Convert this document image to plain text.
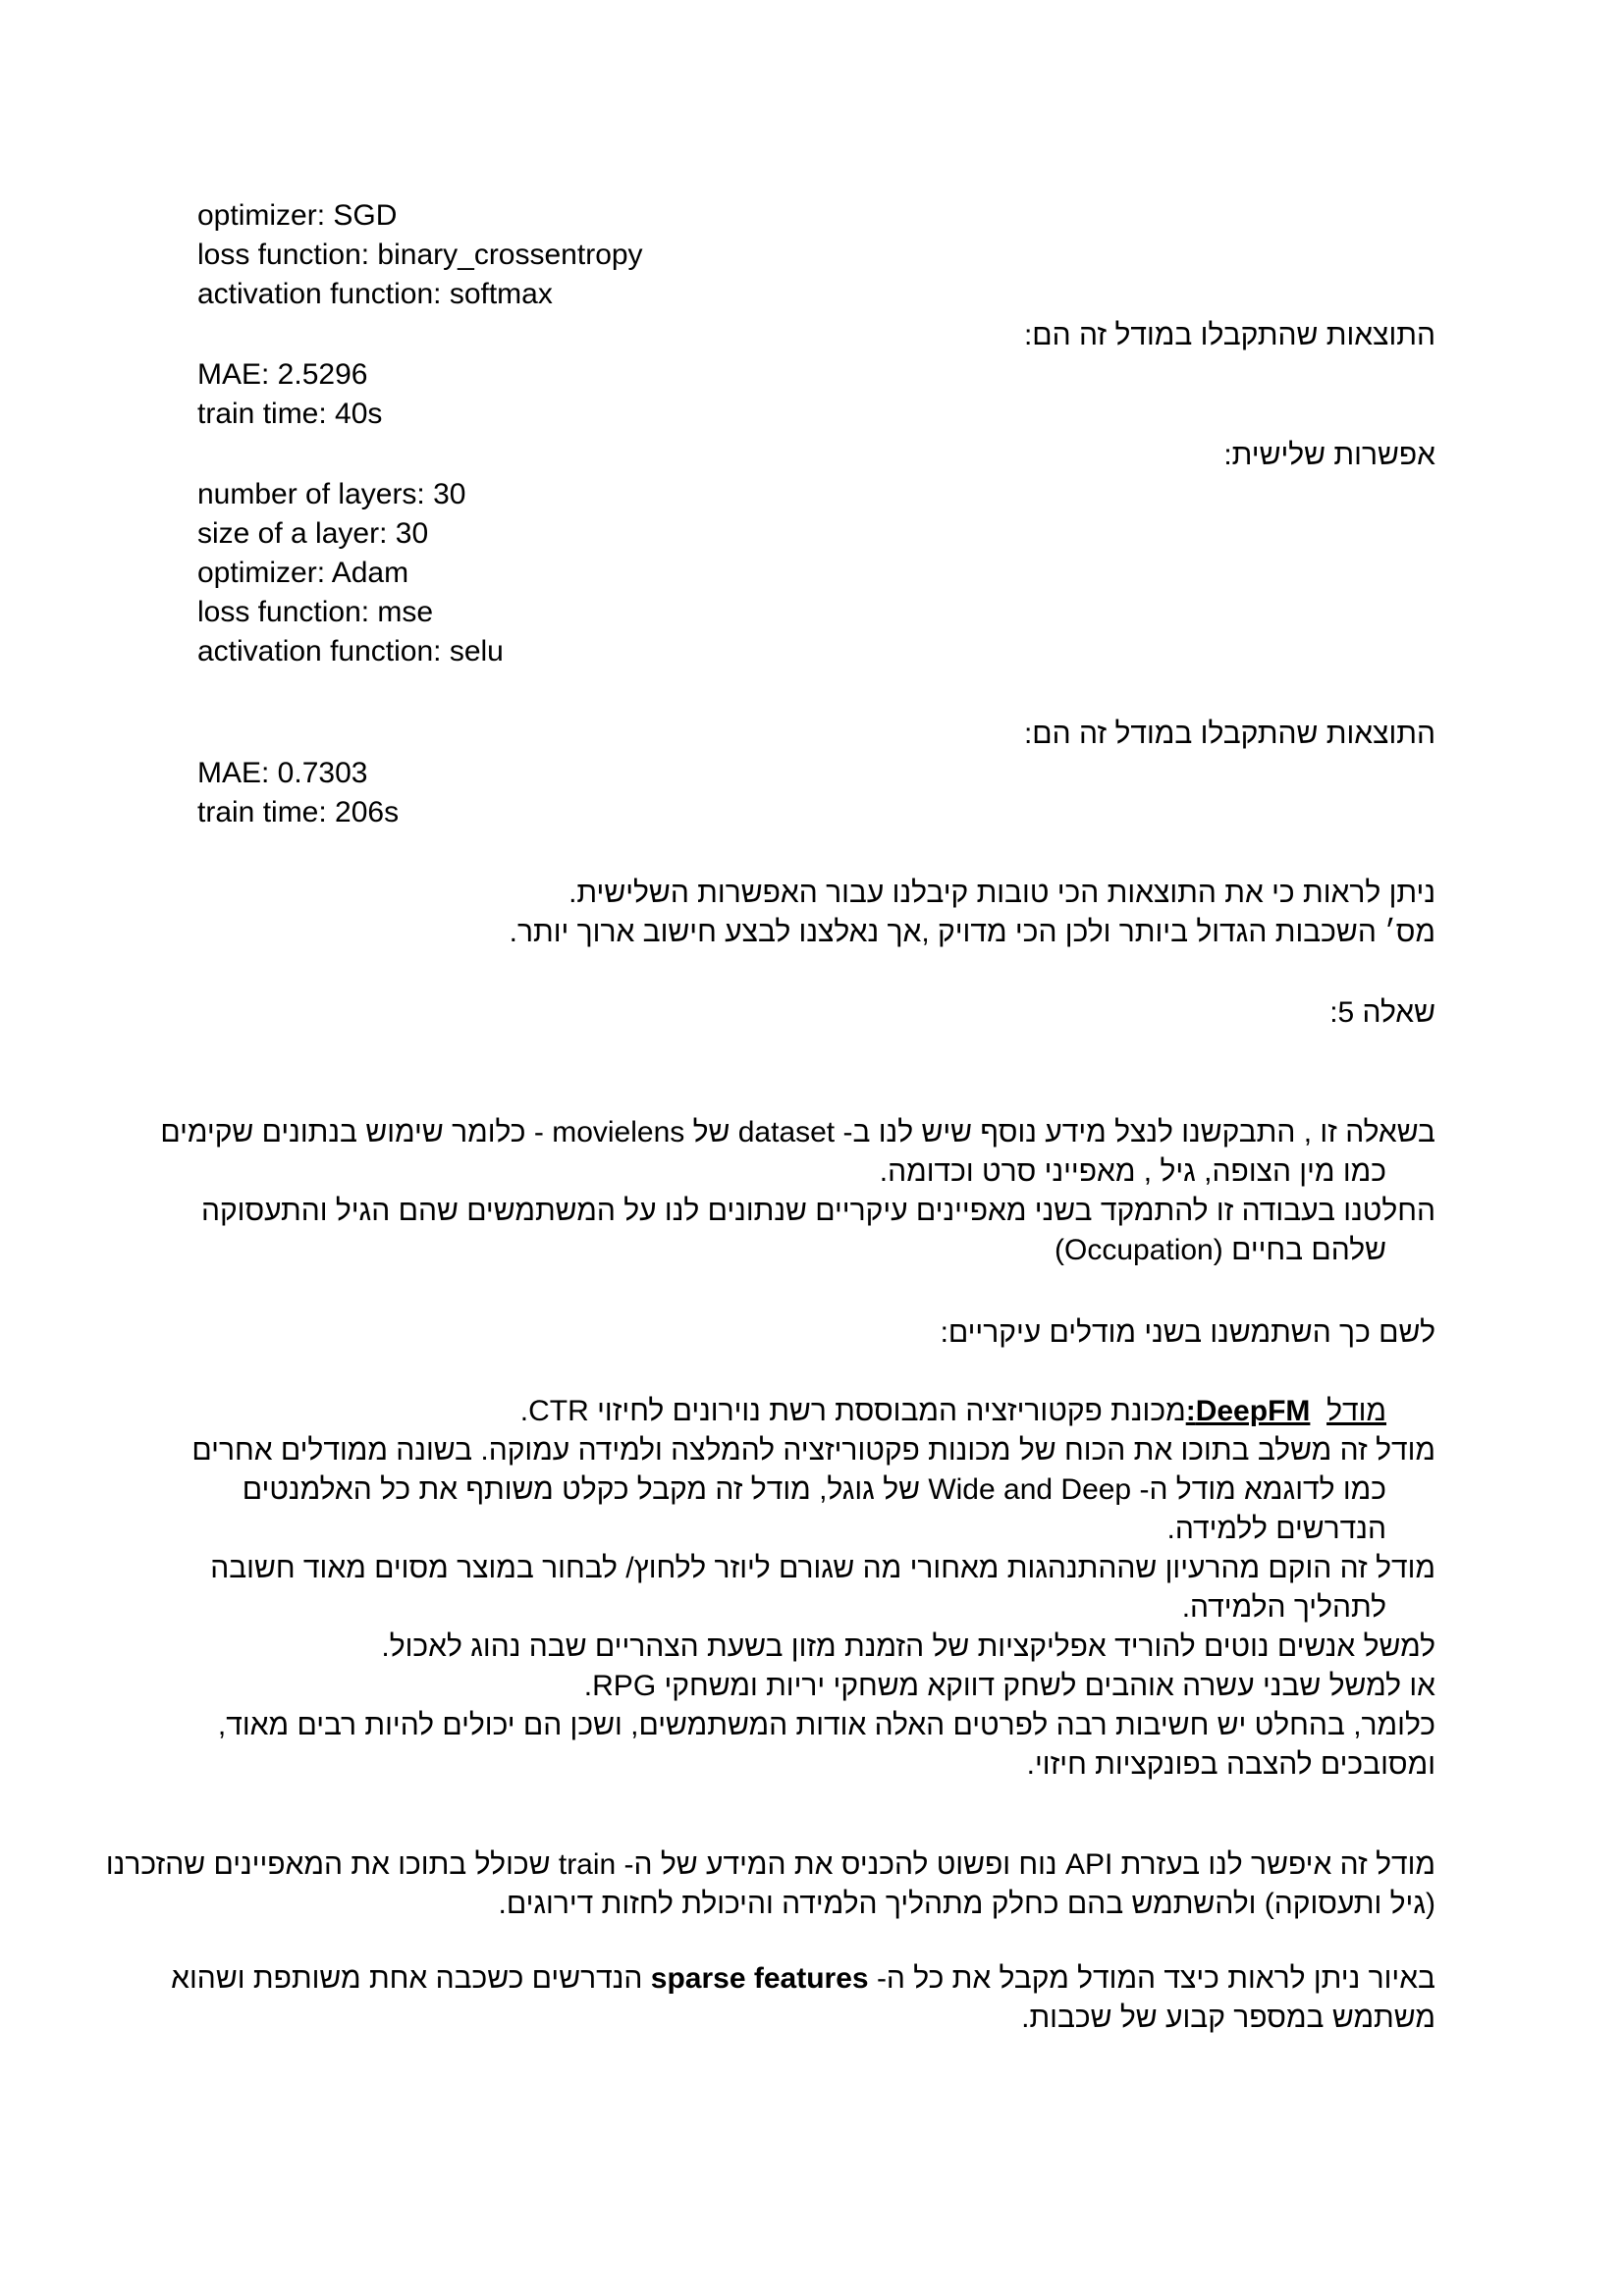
optimizer: SGD
loss function: binary_crossentropy
activation function: softmax
התוצאות שהתקבלו במודל זה הם:
MAE: 2.5296
train time: 40s
אפשרות שלישית:
number of layers: 30
size of a layer: 30
optimizer: Adam
loss function: mse
activation function: selu
התוצאות שהתקבלו במודל זה הם:
MAE: 0.7303
train time: 206s
ניתן לראות כי את התוצאות הכי טובות קיבלנו עבור האפשרות השלישית.
מס׳ השכבות הגדול ביותר ולכן הכי מדויק ,אך נאלצנו לבצע חישוב ארוך יותר.
שאלה 5:
בשאלה זו , התבקשנו לנצל מידע נוסף שיש לנו ב- dataset של movielens - כלומר שימוש בנתונים שקימים
כמו מין הצופה, גיל , מאפייני סרט וכדומה.
החלטנו בעבודה זו להתמקד בשני מאפיינים עיקריים שנתונים לנו על המשתמשים שהם הגיל והתעסוקה
שלהם בחיים (Occupation)
לשם כך השתמשנו בשני מודלים עיקריים:
מודל  DeepFM:מכונת פקטוריזציה המבוססת רשת נוירונים לחיזוי CTR.
מודל זה משלב בתוכו את הכוח של מכונות פקטוריזציה להמלצה ולמידה עמוקה. בשונה ממודלים אחרים
כמו לדוגמא מודל ה- Wide and Deep של גוגל, מודל זה מקבל כקלט משותף את כל האלמנטים
הנדרשים ללמידה.
מודל זה הוקם מהרעיון שההתנהגות מאחורי מה שגורם ליוזר ללחוץ/ לבחור במוצר מסוים מאוד חשובה
לתהליך הלמידה.
למשל אנשים נוטים להוריד אפליקציות של הזמנת מזון בשעת הצהריים שבה נהוג לאכול.
או למשל שבני עשרה אוהבים לשחק דווקא משחקי יריות ומשחקי RPG.
כלומר, בהחלט יש חשיבות רבה לפרטים האלה אודות המשתמשים, ושכן הם יכולים להיות רבים מאוד,
ומסובכים להצבה בפונקציות חיזוי.
מודל זה איפשר לנו בעזרת API נוח ופשוט להכניס את המידע של ה- train שכולל בתוכו את המאפיינים שהזכרנו
(גיל ותעסוקה) ולהשתמש בהם כחלק מתהליך הלמידה והיכולת לחזות דירוגים.
באיור ניתן לראות כיצד המודל מקבל את כל ה- sparse features הנדרשים כשכבה אחת משותפת ושהוא
משתמש במספר קבוע של שכבות.
